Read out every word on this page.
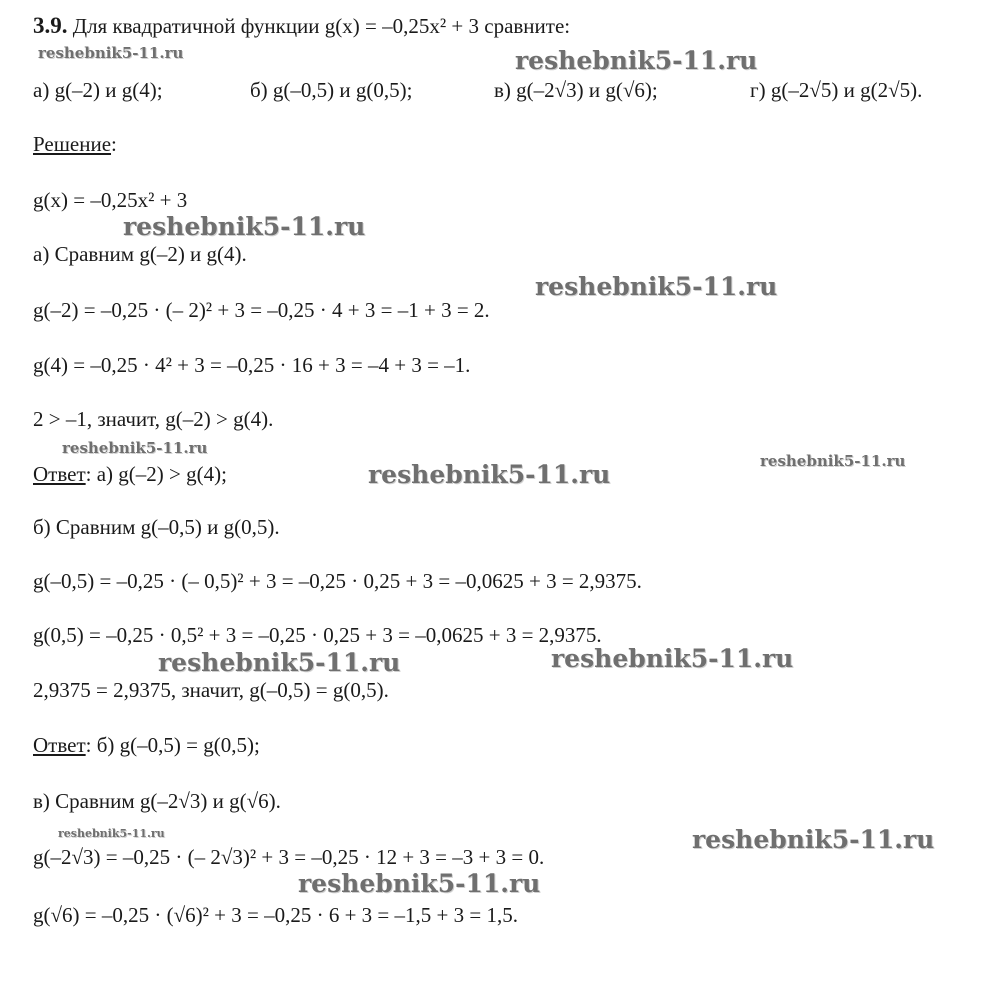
3.9. Для квадратичной функции g(x) = –0,25x² + 3 сравните:
а) g(–2) и g(4);	б) g(–0,5) и g(0,5);	в) g(–2√3) и g(√6);	г) g(–2√5) и g(2√5).
Решение:
g(x) = –0,25x² + 3
а) Сравним g(–2) и g(4).
g(–2) = –0,25 · (– 2)² + 3 = –0,25 · 4 + 3 = –1 + 3 = 2.
g(4) = –0,25 · 4² + 3 = –0,25 · 16 + 3 = –4 + 3 = –1.
2 > –1, значит, g(–2) > g(4).
Ответ: а) g(–2) > g(4);
б) Сравним g(–0,5) и g(0,5).
g(–0,5) = –0,25 · (– 0,5)² + 3 = –0,25 · 0,25 + 3 = –0,0625 + 3 = 2,9375.
g(0,5) = –0,25 · 0,5² + 3 = –0,25 · 0,25 + 3 = –0,0625 + 3 = 2,9375.
2,9375 = 2,9375, значит, g(–0,5) = g(0,5).
Ответ: б) g(–0,5) = g(0,5);
в) Сравним g(–2√3) и g(√6).
g(–2√3) = –0,25 · (– 2√3)² + 3 = –0,25 · 12 + 3 = –3 + 3 = 0.
g(√6) = –0,25 · (√6)² + 3 = –0,25 · 6 + 3 = –1,5 + 3 = 1,5.
reshebnik5-11.ru	reshebnik5-11.ru
reshebnik5-11.ru
reshebnik5-11.ru
reshebnik5-11.ru
reshebnik5-11.ru	reshebnik5-11.ru
reshebnik5-11.ru	reshebnik5-11.ru
reshebnik5-11.ru	reshebnik5-11.ru
reshebnik5-11.ru
